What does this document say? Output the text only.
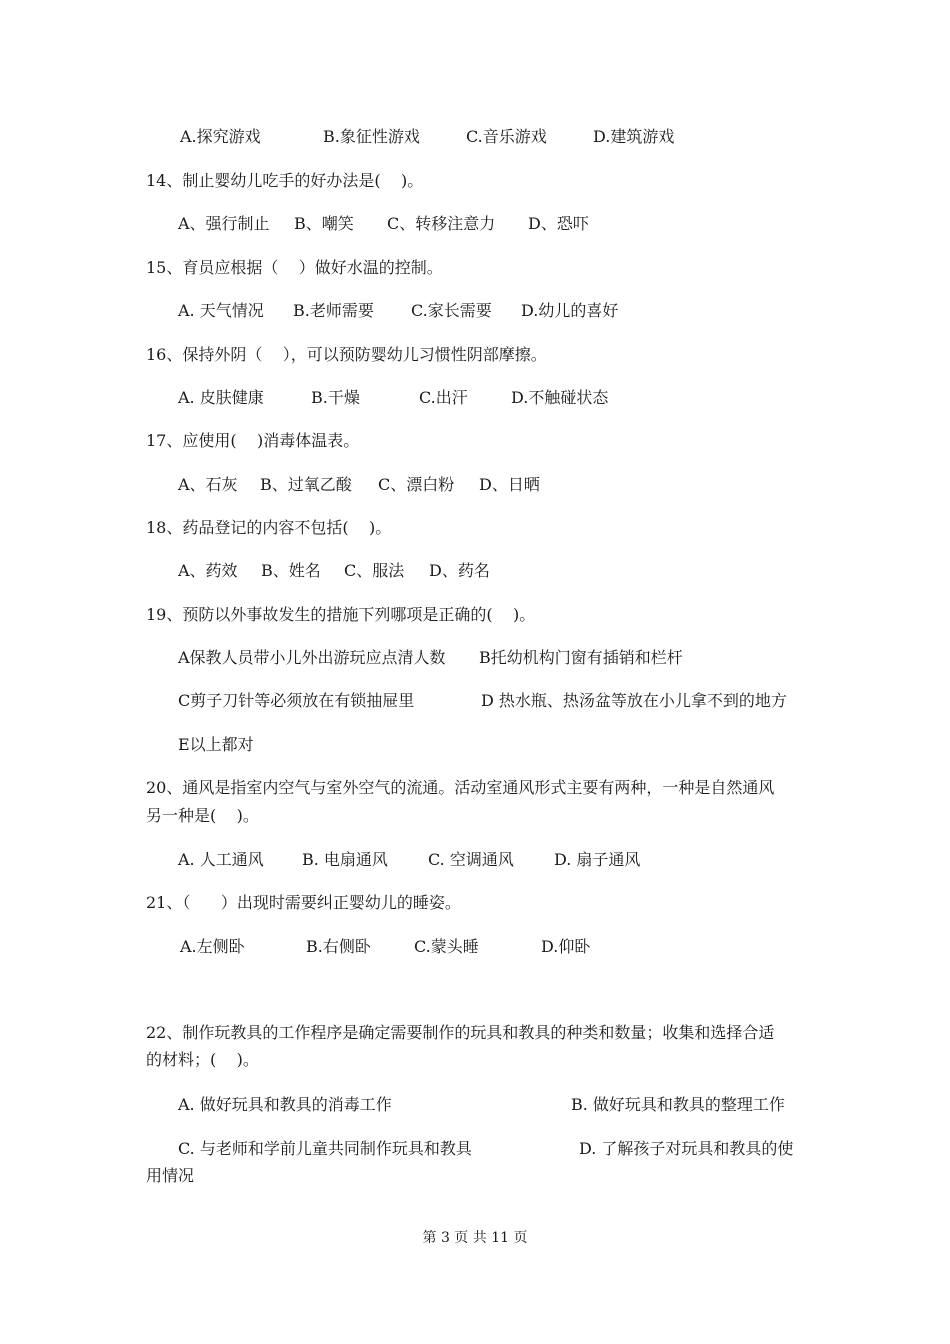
A.探究游戏	B.象征性游戏	C.音乐游戏	D.建筑游戏
14、制止婴幼儿吃手的好办法是(    )。
A、强行制止 B、嘲笑 C、转移注意力 D、恐吓
15、育员应根据（    ）做好水温的控制。
A. 天气情况 B.老师需要 C.家长需要 D.幼儿的喜好
16、保持外阴（    ），可以预防婴幼儿习惯性阴部摩擦。
A. 皮肤健康	B.干燥	C.出汗	D.不触碰状态
17、应使用(    )消毒体温表。
A、石灰 B、过氧乙酸 C、漂白粉 D、日晒
18、药品登记的内容不包括(    )。
A、药效 B、姓名 C、服法 D、药名
19、预防以外事故发生的措施下列哪项是正确的(    )。
A保教人员带小儿外出游玩应点清人数 B托幼机构门窗有插销和栏杆
C剪子刀针等必须放在有锁抽屉里	D 热水瓶、热汤盆等放在小儿拿不到的地方
E以上都对
20、通风是指室内空气与室外空气的流通。活动室通风形式主要有两种，一种是自然通风
另一种是(    )。
A. 人工通风 B. 电扇通风	C. 空调通风	D. 扇子通风
21、（      ）出现时需要纠正婴幼儿的睡姿。
A.左侧卧	B.右侧卧	C.蒙头睡	D.仰卧
22、制作玩教具的工作程序是确定需要制作的玩具和教具的种类和数量；收集和选择合适
的材料；(    )。
A. 做好玩具和教具的消毒工作	B. 做好玩具和教具的整理工作
C. 与老师和学前儿童共同制作玩具和教具	D. 了解孩子对玩具和教具的使
用情况
第 3 页 共 11 页
